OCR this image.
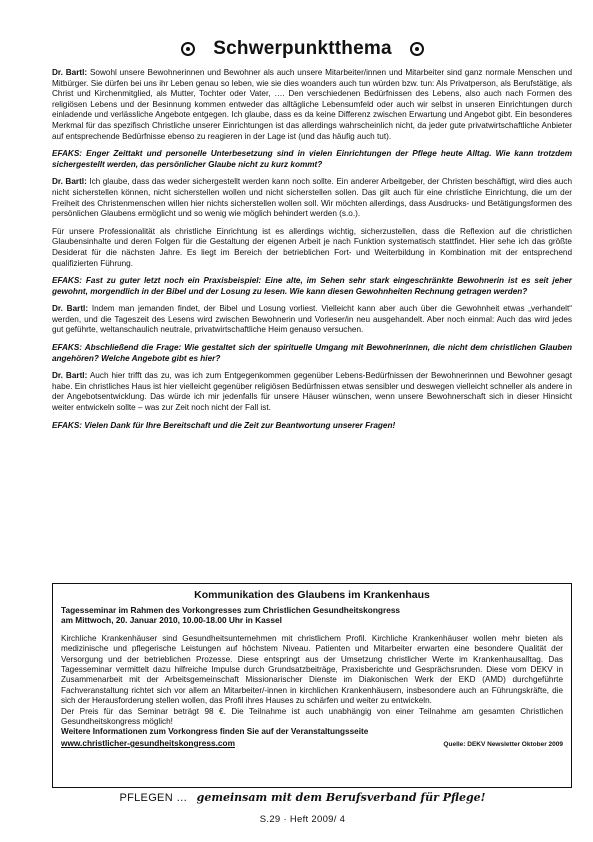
Schwerpunktthema

Dr. Bartl: Sowohl unsere Bewohnerinnen und Bewohner als auch unsere Mitarbeiter/innen und Mitarbeiter sind ganz normale Menschen und Mitbürger. Sie dürfen bei uns ihr Leben genau so leben, wie sie dies woanders auch tun würden bzw. tun: Als Privatperson, als Berufstätige, als Christ und Kirchenmitglied, als Mutter, Tochter oder Vater, …. Den verschiedenen Bedürfnissen des Lebens, also auch nach Formen des religiösen Lebens und der Besinnung kommen entweder das alltägliche Lebensumfeld oder auch wir selbst in unseren Einrichtungen durch einladende und verlässliche Angebote entgegen. Ich glaube, dass es da keine Differenz zwischen Erwartung und Angebot gibt. Ein besonderes Merkmal für das spezifisch Christliche unserer Einrichtungen ist das allerdings wahrscheinlich nicht, da jeder gute privatwirtschaftliche Anbieter auf entsprechende Bedürfnisse ebenso zu reagieren in der Lage ist (und das häufig auch tut).

EFAKS: Enger Zeittakt und personelle Unterbesetzung sind in vielen Einrichtungen der Pflege heute Alltag. Wie kann trotzdem sichergestellt werden, das persönlicher Glaube nicht zu kurz kommt?

Dr. Bartl: Ich glaube, dass das weder sichergestellt werden kann noch sollte. Ein anderer Arbeitgeber, der Christen beschäftigt, wird dies auch nicht sicherstellen können, nicht sicherstellen wollen und nicht sicherstellen sollen. Das gilt auch für eine christliche Einrichtung, die um der Freiheit des Christenmenschen willen hier nichts sicherstellen wollen soll. Wir möchten allerdings, dass Ausdrucks- und Betätigungsformen des persönlichen Glaubens ermöglicht und so wenig wie möglich behindert werden (s.o.).

Für unsere Professionalität als christliche Einrichtung ist es allerdings wichtig, sicherzustellen, dass die Reflexion auf die christlichen Glaubensinhalte und deren Folgen für die Gestaltung der eigenen Arbeit je nach Funktion systematisch stattfindet. Hier sehe ich das größte Desiderat für die nächsten Jahre. Es liegt im Bereich der betrieblichen Fort- und Weiterbildung in Kombination mit der entsprechend qualifizierten Führung.

EFAKS: Fast zu guter letzt noch ein Praxisbeispiel: Eine alte, im Sehen sehr stark eingeschränkte Bewohnerin ist es seit jeher gewohnt, morgendlich in der Bibel und der Losung zu lesen. Wie kann diesen Gewohnheiten Rechnung getragen werden?

Dr. Bartl: Indem man jemanden findet, der Bibel und Losung vorliest. Vielleicht kann aber auch über die Gewohnheit etwas „verhandelt“ werden, und die Tageszeit des Lesens wird zwischen Bewohnerin und Vorleser/in neu ausgehandelt. Aber noch einmal: Auch das wird jedes gut geführte, weltanschaulich neutrale, privatwirtschaftliche Heim genauso versuchen.

EFAKS: Abschließend die Frage: Wie gestaltet sich der spirituelle Umgang mit Bewohnerinnen, die nicht dem christlichen Glauben angehören? Welche Angebote gibt es hier?

Dr. Bartl: Auch hier trifft das zu, was ich zum Entgegenkommen gegenüber Lebens-Bedürfnissen der Bewohnerinnen und Bewohner gesagt habe. Ein christliches Haus ist hier vielleicht gegenüber religiösen Bedürfnissen etwas sensibler und deswegen vielleicht schneller als andere in der Angebotsentwicklung. Das würde ich mir jedenfalls für unsere Häuser wünschen, wenn unsere Bewohnerschaft sich in dieser Hinsicht weiter entwickeln sollte – was zur Zeit noch nicht der Fall ist.

EFAKS: Vielen Dank für Ihre Bereitschaft und die Zeit zur Beantwortung unserer Fragen!

Kommunikation des Glaubens im Krankenhaus
Tagesseminar im Rahmen des Vorkongresses zum Christlichen Gesundheitskongress
am Mittwoch, 20. Januar 2010, 10.00-18.00 Uhr in Kassel

Kirchliche Krankenhäuser sind Gesundheitsunternehmen mit christlichem Profil. Kirchliche Krankenhäuser wollen mehr bieten als medizinische und pflegerische Leistungen auf höchstem Niveau. Patienten und Mitarbeiter erwarten eine besondere Qualität der Versorgung und der betrieblichen Prozesse. Diese entspringt aus der Umsetzung christlicher Werte im Krankenhausalltag. Das Tagesseminar vermittelt dazu hilfreiche Impulse durch Grundsatzbeiträge, Praxisberichte und Gesprächsrunden. Diese vom DEKV in Zusammenarbeit mit der Arbeitsgemeinschaft Missionarischer Dienste im Diakonischen Werk der EKD (AMD) durchgeführte Fachveranstaltung richtet sich vor allem an Mitarbeiter/-innen in kirchlichen Krankenhäusern, insbesondere auch an Führungskräfte, die sich der Herausforderung stellen wollen, das Profil ihres Hauses zu schärfen und weiter zu entwickeln.

Der Preis für das Seminar beträgt 98 €. Die Teilnahme ist auch unabhängig von einer Teilnahme am gesamten Christlichen Gesundheitskongress möglich!

Weitere Informationen zum Vorkongress finden Sie auf der Veranstaltungsseite
www.christlicher-gesundheitskongress.com	Quelle: DEKV Newsletter Oktober 2009
PFLEGEN … gemeinsam mit dem Berufsverband für Pflege!
S.29 · Heft 2009/ 4
